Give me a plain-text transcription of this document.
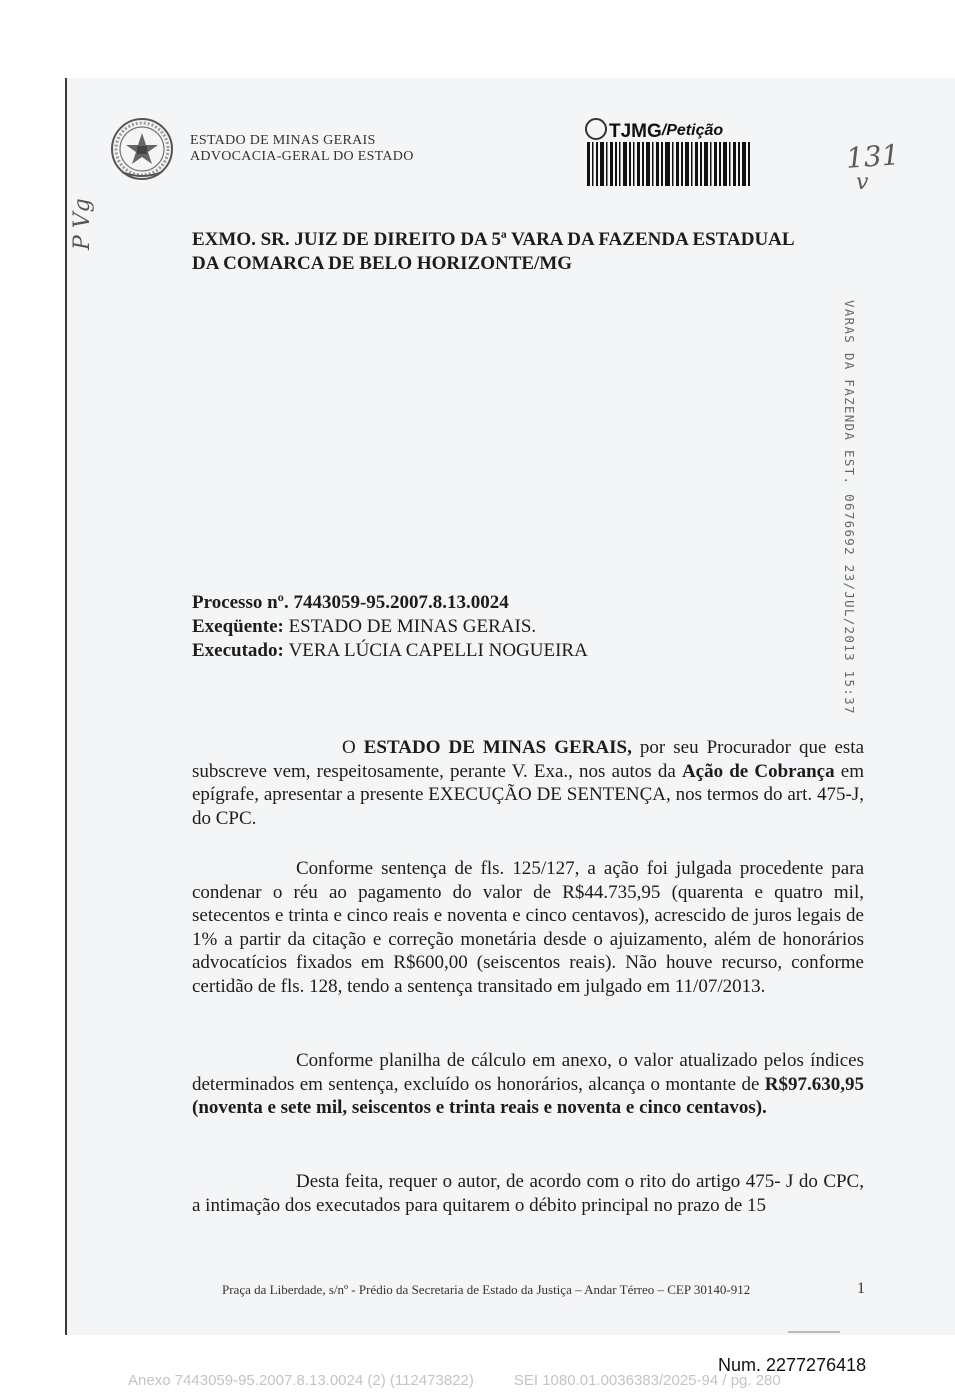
ESTADO DE MINAS GERAIS
ADVOCACIA-GERAL DO ESTADO
TJMG/Petição
131
v
P Vg	EXMO. SR. JUIZ DE DIREITO DA 5ª VARA DA FAZENDA ESTADUAL
DA COMARCA DE BELO HORIZONTE/MG
VARAS DA FAZENDA EST. 0676692 23/JUL/2013 15:37
Processo nº. 7443059-95.2007.8.13.0024
Exeqüente: ESTADO DE MINAS GERAIS.
Executado: VERA LÚCIA CAPELLI NOGUEIRA
O ESTADO DE MINAS GERAIS, por seu Procurador que esta subscreve vem, respeitosamente, perante V. Exa., nos autos da Ação de Cobrança em epígrafe, apresentar a presente EXECUÇÃO DE SENTENÇA, nos termos do art. 475-J, do CPC.
Conforme sentença de fls. 125/127, a ação foi julgada procedente para condenar o réu ao pagamento do valor de R$44.735,95 (quarenta e quatro mil, setecentos e trinta e cinco reais e noventa e cinco centavos), acrescido de juros legais de 1% a partir da citação e correção monetária desde o ajuizamento, além de honorários advocatícios fixados em R$600,00 (seiscentos reais). Não houve recurso, conforme certidão de fls. 128, tendo a sentença transitado em julgado em 11/07/2013.
Conforme planilha de cálculo em anexo, o valor atualizado pelos índices determinados em sentença, excluído os honorários, alcança o montante de R$97.630,95 (noventa e sete mil, seiscentos e trinta reais e noventa e cinco centavos).
Desta feita, requer o autor, de acordo com o rito do artigo 475- J do CPC, a intimação dos executados para quitarem o débito principal no prazo de 15
Praça da Liberdade, s/nº - Prédio da Secretaria de Estado da Justiça – Andar Térreo – CEP 30140-912	1
Num. 2277276418
Anexo 7443059-95.2007.8.13.0024 (2) (112473822)	SEI 1080.01.0036383/2025-94 / pg. 280
